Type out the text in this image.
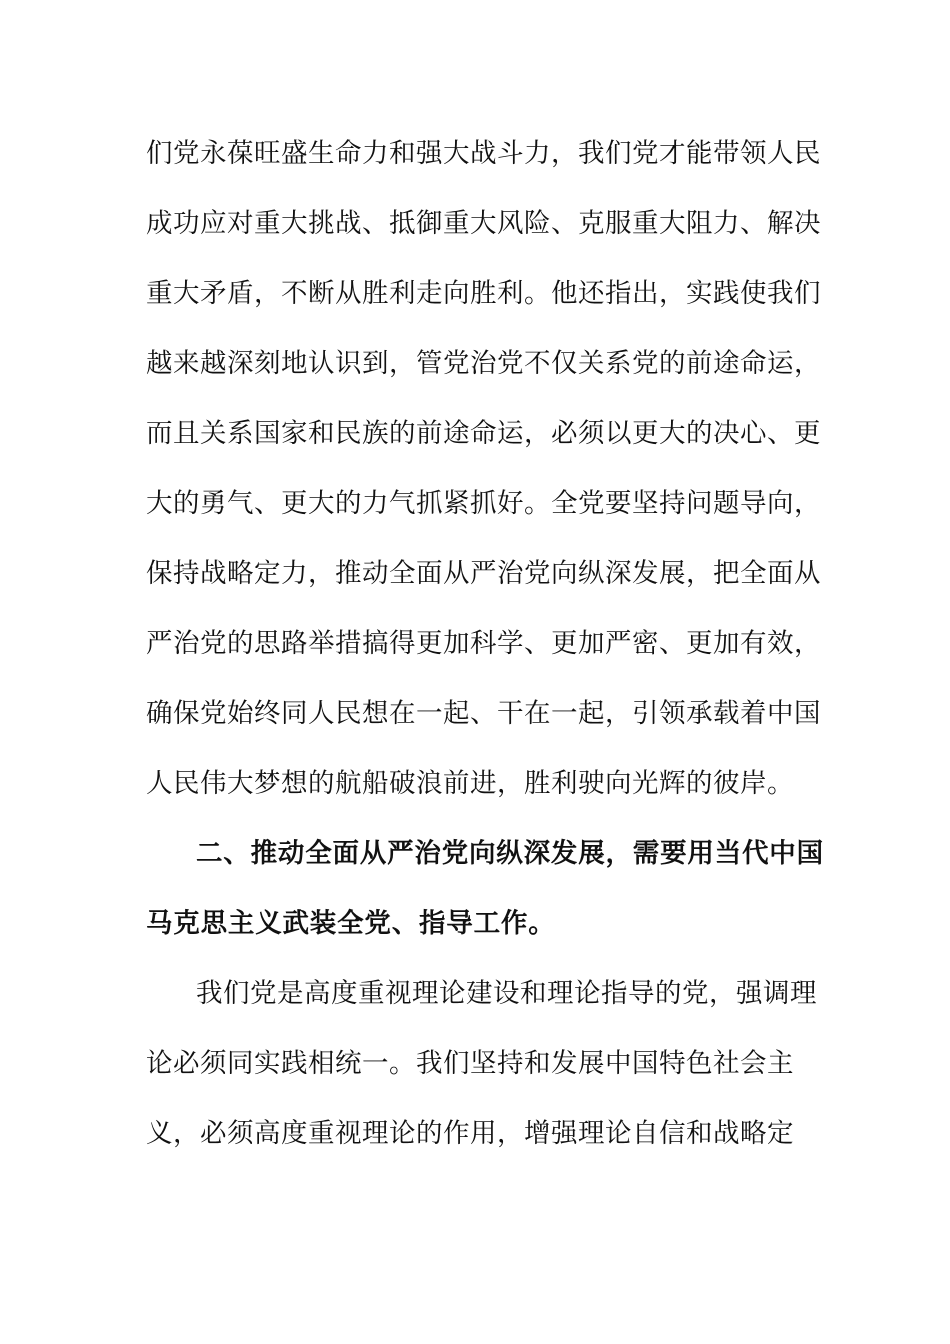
们党永葆旺盛生命力和强大战斗力，我们党才能带领人民
成功应对重大挑战、抵御重大风险、克服重大阻力、解决
重大矛盾，不断从胜利走向胜利。他还指出，实践使我们
越来越深刻地认识到，管党治党不仅关系党的前途命运，
而且关系国家和民族的前途命运，必须以更大的决心、更
大的勇气、更大的力气抓紧抓好。全党要坚持问题导向，
保持战略定力，推动全面从严治党向纵深发展，把全面从
严治党的思路举措搞得更加科学、更加严密、更加有效，
确保党始终同人民想在一起、干在一起，引领承载着中国
人民伟大梦想的航船破浪前进，胜利驶向光辉的彼岸。
二、推动全面从严治党向纵深发展，需要用当代中国
马克思主义武装全党、指导工作。
我们党是高度重视理论建设和理论指导的党，强调理
论必须同实践相统一。我们坚持和发展中国特色社会主
义，必须高度重视理论的作用，增强理论自信和战略定
